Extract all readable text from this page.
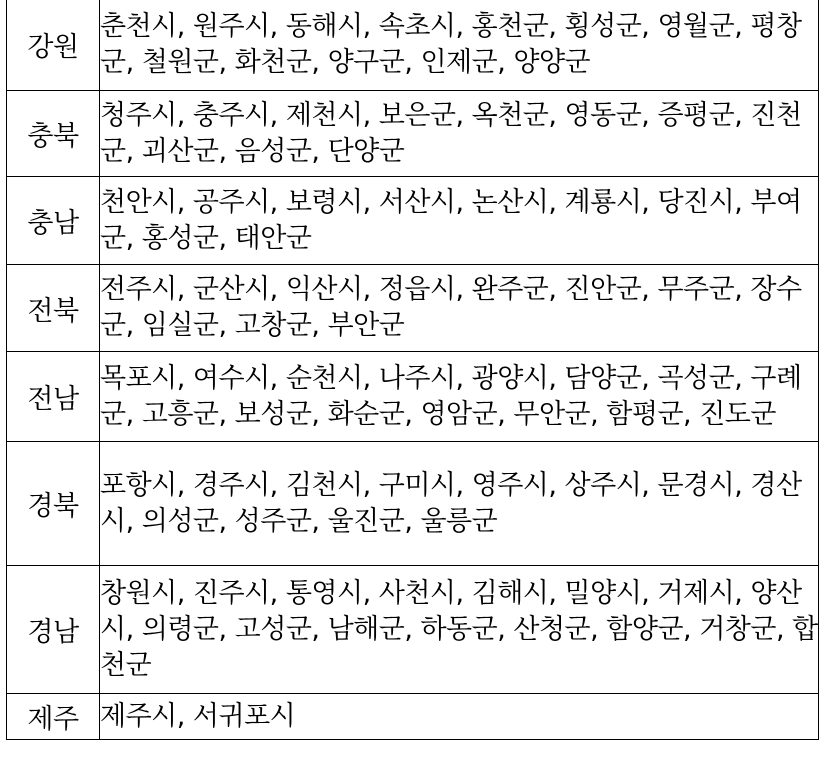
강원	춘천시, 원주시, 동해시, 속초시, 홍천군, 횡성군, 영월군, 평창군, 철원군, 화천군, 양구군, 인제군, 양양군
충북	청주시, 충주시, 제천시, 보은군, 옥천군, 영동군, 증평군, 진천군, 괴산군, 음성군, 단양군
충남	천안시, 공주시, 보령시, 서산시, 논산시, 계룡시, 당진시, 부여군, 홍성군, 태안군
전북	전주시, 군산시, 익산시, 정읍시, 완주군, 진안군, 무주군, 장수군, 임실군, 고창군, 부안군
전남	목포시, 여수시, 순천시, 나주시, 광양시, 담양군, 곡성군, 구례군, 고흥군, 보성군, 화순군, 영암군, 무안군, 함평군, 진도군
경북	포항시, 경주시, 김천시, 구미시, 영주시, 상주시, 문경시, 경산시, 의성군, 성주군, 울진군, 울릉군
경남	창원시, 진주시, 통영시, 사천시, 김해시, 밀양시, 거제시, 양산시, 의령군, 고성군, 남해군, 하동군, 산청군, 함양군, 거창군, 합천군
제주	제주시, 서귀포시
